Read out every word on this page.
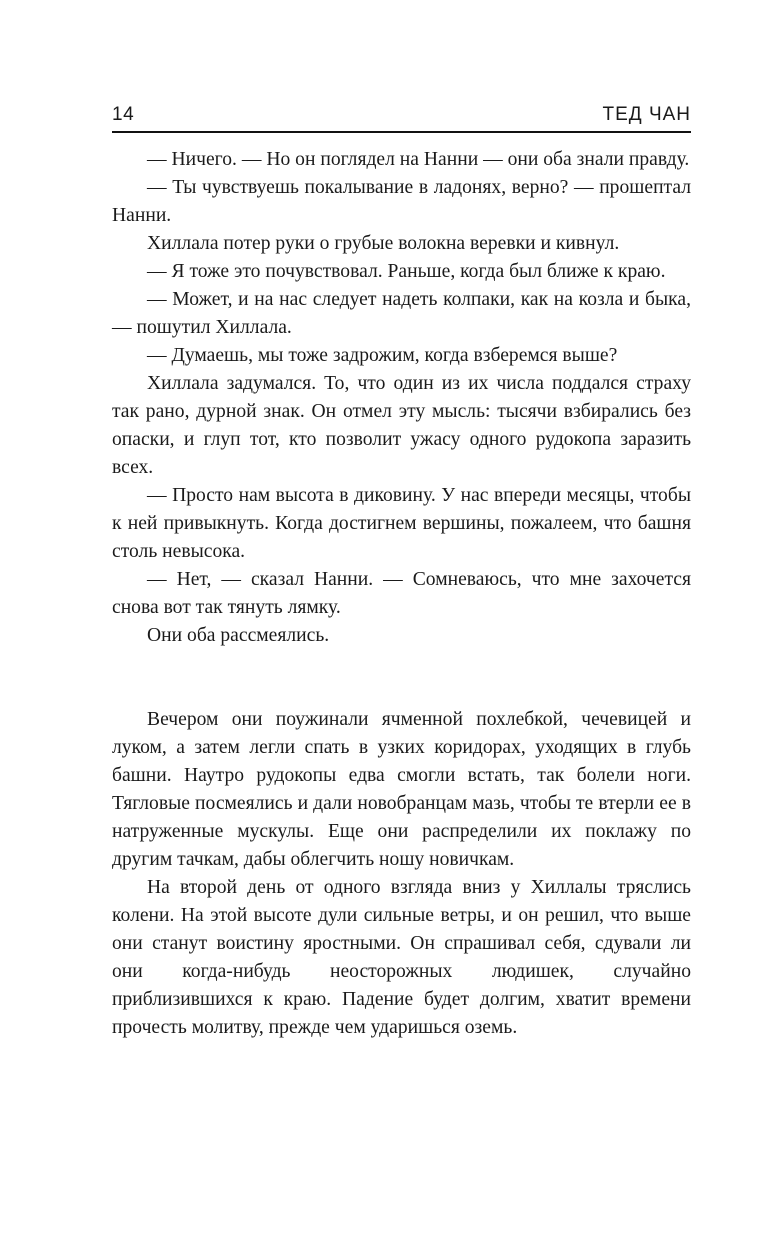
14	ТЕД ЧАН

— Ничего. — Но он поглядел на Нанни — они оба знали правду.

— Ты чувствуешь покалывание в ладонях, верно? — прошептал Нанни.

Хиллала потер руки о грубые волокна веревки и кивнул.

— Я тоже это почувствовал. Раньше, когда был ближе к краю.

— Может, и на нас следует надеть колпаки, как на козла и быка, — пошутил Хиллала.

— Думаешь, мы тоже задрожим, когда взберемся выше?

Хиллала задумался. То, что один из их числа поддался страху так рано, дурной знак. Он отмел эту мысль: тысячи взбирались без опаски, и глуп тот, кто позволит ужасу одного рудокопа заразить всех.

— Просто нам высота в диковину. У нас впереди месяцы, чтобы к ней привыкнуть. Когда достигнем вершины, пожалеем, что башня столь невысока.

— Нет, — сказал Нанни. — Сомневаюсь, что мне захочется снова вот так тянуть лямку.

Они оба рассмеялись.

Вечером они поужинали ячменной похлебкой, чечевицей и луком, а затем легли спать в узких коридорах, уходящих в глубь башни. Наутро рудокопы едва смогли встать, так болели ноги. Тягловые посмеялись и дали новобранцам мазь, чтобы те втерли ее в натруженные мускулы. Еще они распределили их поклажу по другим тачкам, дабы облегчить ношу новичкам.

На второй день от одного взгляда вниз у Хиллалы тряслись колени. На этой высоте дули сильные ветры, и он решил, что выше они станут воистину яростными. Он спрашивал себя, сдували ли они когда-нибудь неосторожных людишек, случайно приблизившихся к краю. Падение будет долгим, хватит времени прочесть молитву, прежде чем ударишься оземь.
